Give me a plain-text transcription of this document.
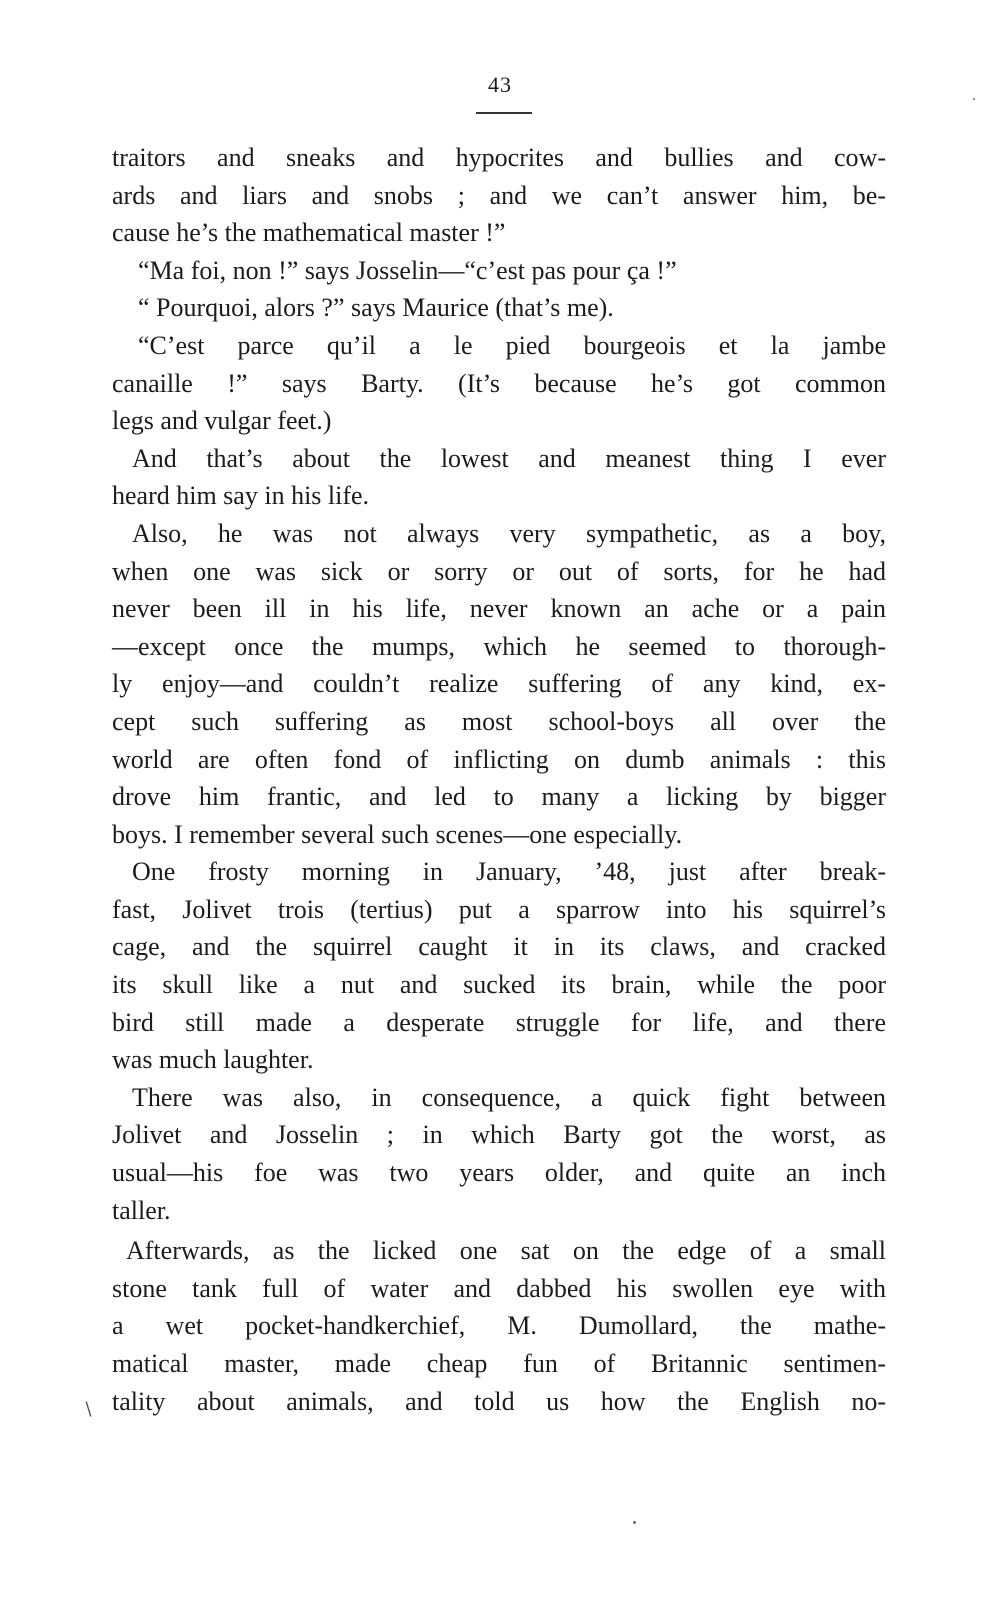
43
traitors and sneaks and hypocrites and bullies and cow-
ards and liars and snobs ; and we can’t answer him, be-
cause he’s the mathematical master !”
“Ma foi, non !” says Josselin—“c’est pas pour ça !”
“ Pourquoi, alors ?” says Maurice (that’s me).
“C’est parce qu’il a le pied bourgeois et la jambe
canaille !” says Barty. (It’s because he’s got common
legs and vulgar feet.)
And that’s about the lowest and meanest thing I ever
heard him say in his life.
Also, he was not always very sympathetic, as a boy,
when one was sick or sorry or out of sorts, for he had
never been ill in his life, never known an ache or a pain
—except once the mumps, which he seemed to thorough-
ly enjoy—and couldn’t realize suffering of any kind, ex-
cept such suffering as most school-boys all over the
world are often fond of inflicting on dumb animals : this
drove him frantic, and led to many a licking by bigger
boys. I remember several such scenes—one especially.
One frosty morning in January, ’48, just after break-
fast, Jolivet trois (tertius) put a sparrow into his squirrel’s
cage, and the squirrel caught it in its claws, and cracked
its skull like a nut and sucked its brain, while the poor
bird still made a desperate struggle for life, and there
was much laughter.
There was also, in consequence, a quick fight between
Jolivet and Josselin ; in which Barty got the worst, as
usual—his foe was two years older, and quite an inch
taller.
Afterwards, as the licked one sat on the edge of a small
stone tank full of water and dabbed his swollen eye with
a wet pocket-handkerchief, M. Dumollard, the mathe-
matical master, made cheap fun of Britannic sentimen-
tality about animals, and told us how the English no-
∖
